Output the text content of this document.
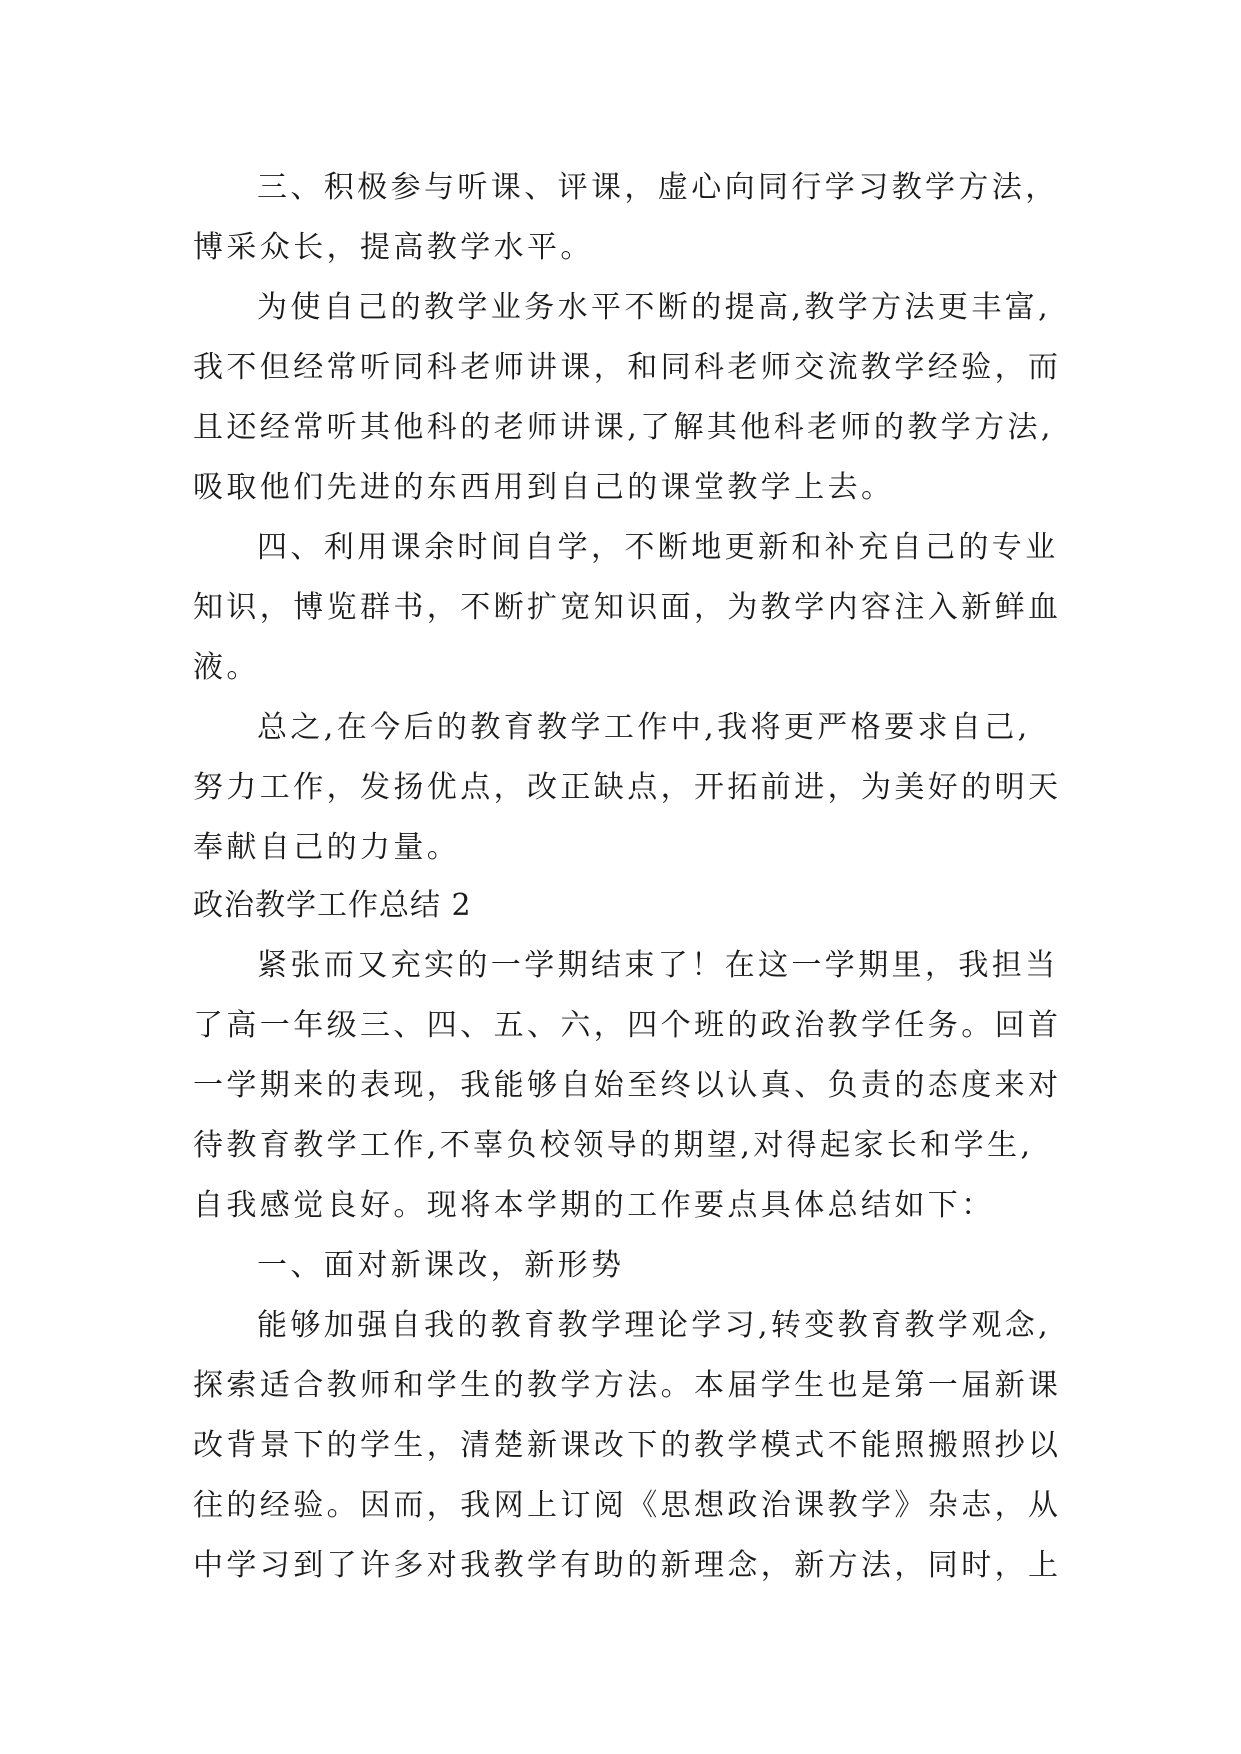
三、积极参与听课、评课，虚心向同行学习教学方法，
博采众长，提高教学水平。
为使自己的教学业务水平不断的提高,教学方法更丰富,
我不但经常听同科老师讲课，和同科老师交流教学经验，而
且还经常听其他科的老师讲课,了解其他科老师的教学方法,
吸取他们先进的东西用到自己的课堂教学上去。
四、利用课余时间自学，不断地更新和补充自己的专业
知识，博览群书，不断扩宽知识面，为教学内容注入新鲜血
液。
总之,在今后的教育教学工作中,我将更严格要求自己,
努力工作，发扬优点，改正缺点，开拓前进，为美好的明天
奉献自己的力量。
政治教学工作总结 2
紧张而又充实的一学期结束了！在这一学期里，我担当
了高一年级三、四、五、六，四个班的政治教学任务。回首
一学期来的表现，我能够自始至终以认真、负责的态度来对
待教育教学工作,不辜负校领导的期望,对得起家长和学生,
自我感觉良好。现将本学期的工作要点具体总结如下：
一、面对新课改，新形势
能够加强自我的教育教学理论学习,转变教育教学观念,
探索适合教师和学生的教学方法。本届学生也是第一届新课
改背景下的学生，清楚新课改下的教学模式不能照搬照抄以
往的经验。因而，我网上订阅《思想政治课教学》杂志，从
中学习到了许多对我教学有助的新理念，新方法，同时，上
